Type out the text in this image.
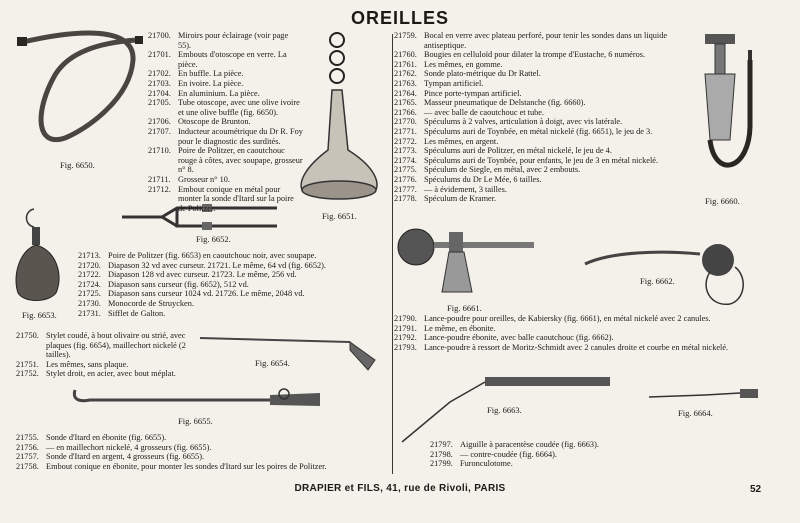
OREILLES
Fig. 6650.
Fig. 6651.
Fig. 6652.
Fig. 6653.
Fig. 6654.
Fig. 6655.
Fig. 6660.
Fig. 6661.
Fig. 6662.
Fig. 6663.	Fig. 6664.
21700. Miroirs pour éclairage (voir page 55).
21701. Embouts d'otoscope en verre. La pièce.
21702. En buffle. La pièce.
21703. En ivoire. La pièce.
21704. En aluminium. La pièce.
21705. Tube otoscope, avec une olive ivoire et une olive buffle (fig. 6650).
21706. Otoscope de Brunton.
21707. Inducteur acoumétrique du Dr R. Foy pour le diagnostic des surdités.
21710. Poire de Politzer, en caoutchouc rouge à côtes, avec soupape, grosseur n° 8.
21711. Grosseur n° 10.
21712. Embout conique en métal pour monter la sonde d'Itard sur la poire de Politzer.
21713. Poire de Politzer (fig. 6653) en caoutchouc noir, avec soupape.
21720. Diapason 32 vd avec curseur. 21721. Le même, 64 vd (fig. 6652).
21722. Diapason 128 vd avec curseur. 21723. Le même, 256 vd.
21724. Diapason sans curseur (fig. 6652), 512 vd.
21725. Diapason sans curseur 1024 vd. 21726. Le même, 2048 vd.
21730. Monocorde de Struycken.
21731. Sifflet de Galton.
21750. Stylet coudé, à bout olivaire ou strié, avec plaques (fig. 6654), maillechort nickelé (2 tailles).
21751. Les mêmes, sans plaque.
21752. Stylet droit, en acier, avec bout méplat.
21755. Sonde d'Itard en ébonite (fig. 6655).
21756. — en maillechort nickelé, 4 grosseurs (fig. 6655).
21757. Sonde d'Itard en argent, 4 grosseurs (fig. 6655).
21758. Embout conique en ébonite, pour monter les sondes d'Itard sur les poires de Politzer.
21759. Bocal en verre avec plateau perforé, pour tenir les sondes dans un liquide antiseptique.
21760. Bougies en celluloïd pour dilater la trompe d'Eustache, 6 numéros.
21761. Les mêmes, en gomme.
21762. Sonde plato-métrique du Dr Rattel.
21763. Tympan artificiel.
21764. Pince porte-tympan artificiel.
21765. Masseur pneumatique de Delstanche (fig. 6660).
21766. — avec balle de caoutchouc et tube.
21770. Spéculums à 2 valves, articulation à doigt, avec vis latérale.
21771. Spéculums auri de Toynbée, en métal nickelé (fig. 6651), le jeu de 3.
21772. Les mêmes, en argent.
21773. Spéculums auri de Politzer, en métal nickelé, le jeu de 4.
21774. Spéculums auri de Toynbée, pour enfants, le jeu de 3 en métal nickelé.
21775. Spéculum de Siegle, en métal, avec 2 embouts.
21776. Spéculums du Dr Le Mée, 6 tailles.
21777. — à évidement, 3 tailles.
21778. Spéculum de Kramer.
21790. Lance-poudre pour oreilles, de Kabiersky (fig. 6661), en métal nickelé avec 2 canules.
21791. Le même, en ébonite.
21792. Lance-poudre ébonite, avec balle caoutchouc (fig. 6662).
21793. Lance-poudre à ressort de Moritz-Schmidt avec 2 canules droite et courbe en métal nickelé.
21797. Aiguille à paracentèse coudée (fig. 6663).
21798. — contre-coudée (fig. 6664).
21799. Furonculotome.
DRAPIER et FILS, 41, rue de Rivoli, PARIS	52
